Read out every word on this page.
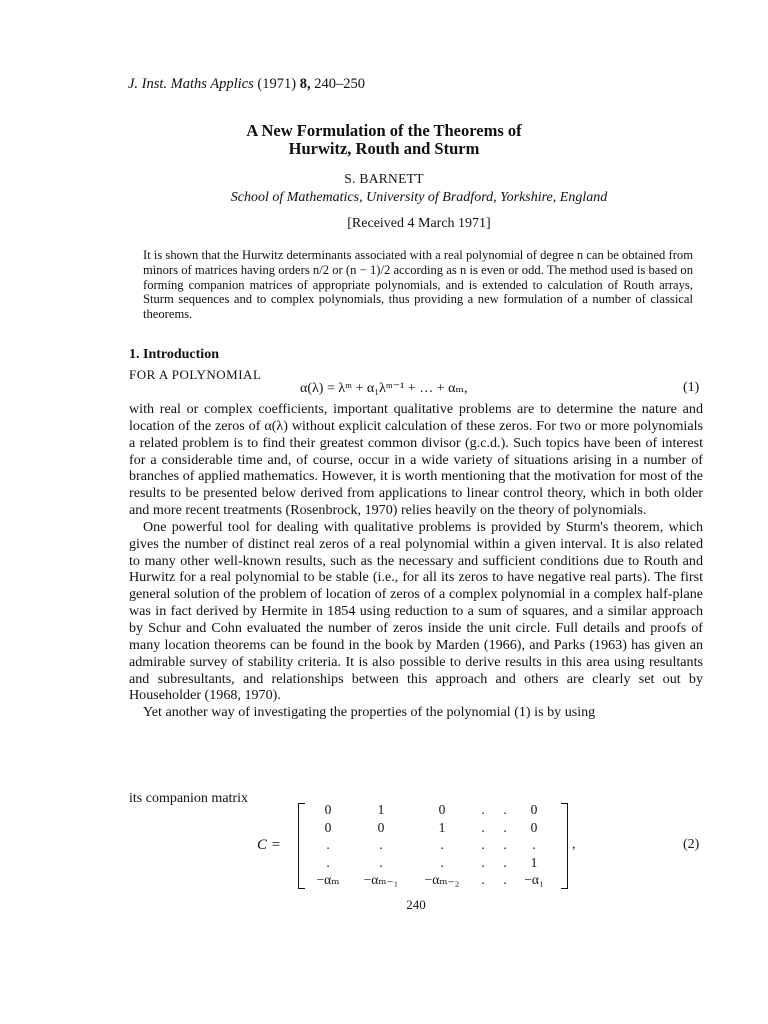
J. Inst. Maths Applics (1971) 8, 240–250
A New Formulation of the Theorems of
Hurwitz, Routh and Sturm
S. BARNETT
School of Mathematics, University of Bradford, Yorkshire, England
[Received 4 March 1971]

It is shown that the Hurwitz determinants associated with a real polynomial of degree n can be obtained from minors of matrices having orders n/2 or (n − 1)/2 according as n is even or odd. The method used is based on forming companion matrices of appropriate polynomials, and is extended to calculation of Routh arrays, Sturm sequences and to complex polynomials, thus providing a new formulation of a number of classical theorems.

1. Introduction
FOR A POLYNOMIAL
α(λ) = λᵐ + α₁λᵐ⁻¹ + … + αₘ,	(1)

with real or complex coefficients, important qualitative problems are to determine the nature and location of the zeros of α(λ) without explicit calculation of these zeros. For two or more polynomials a related problem is to find their greatest common divisor (g.c.d.). Such topics have been of interest for a considerable time and, of course, occur in a wide variety of situations arising in a number of branches of applied mathematics. However, it is worth mentioning that the motivation for most of the results to be presented below derived from applications to linear control theory, which in both older and more recent treatments (Rosenbrock, 1970) relies heavily on the theory of polynomials.

One powerful tool for dealing with qualitative problems is provided by Sturm's theorem, which gives the number of distinct real zeros of a real polynomial within a given interval. It is also related to many other well-known results, such as the necessary and sufficient conditions due to Routh and Hurwitz for a real polynomial to be stable (i.e., for all its zeros to have negative real parts). The first general solution of the problem of location of zeros of a complex polynomial in a complex half-plane was in fact derived by Hermite in 1854 using reduction to a sum of squares, and a similar approach by Schur and Cohn evaluated the number of zeros inside the unit circle. Full details and proofs of many location theorems can be found in the book by Marden (1966), and Parks (1963) has given an admirable survey of stability criteria. It is also possible to derive results in this area using resultants and subresultants, and relationships between this approach and others are clearly set out by Householder (1968, 1970).

Yet another way of investigating the properties of the polynomial (1) is by using

its companion matrix
C =
0	1	0	.	.	0
0	0	1	.	.	0
.	.	.	.	.	.
.	.	.	.	.	1
−αₘ	−αₘ₋₁	−αₘ₋₂	.	.	−α₁
,	(2)
240
